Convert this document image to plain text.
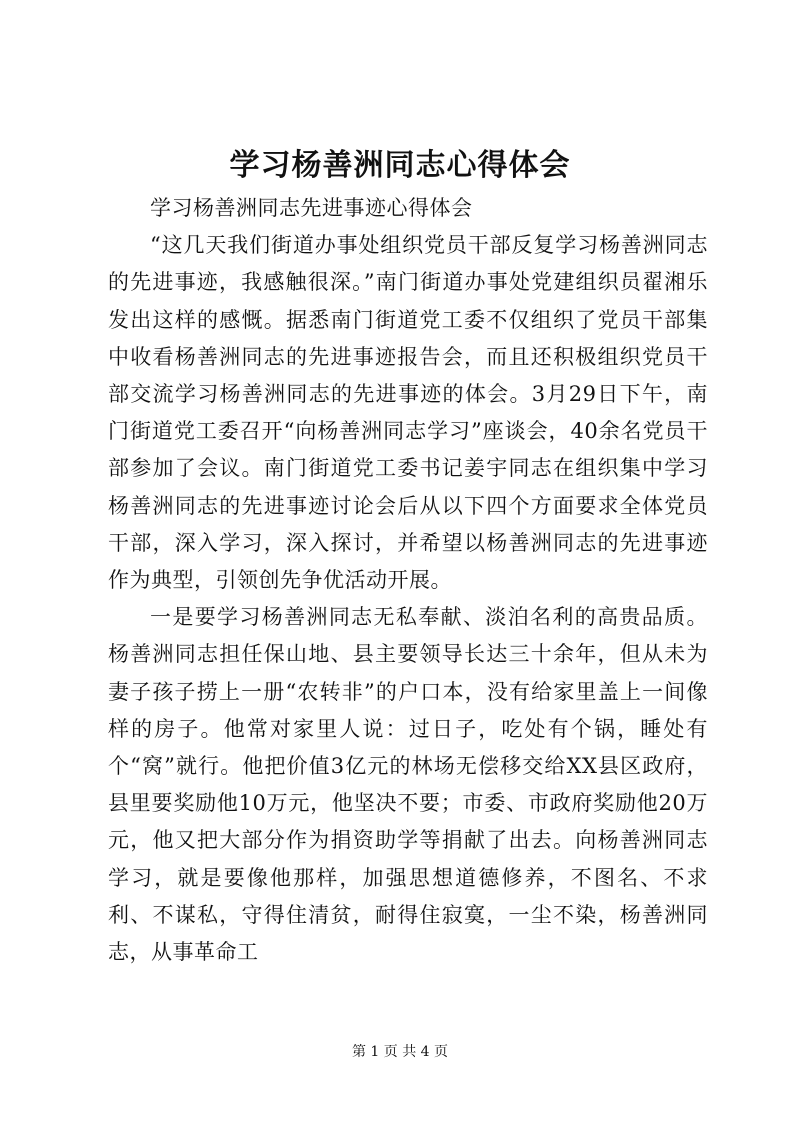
学习杨善洲同志心得体会

学习杨善洲同志先进事迹心得体会

“这几天我们街道办事处组织党员干部反复学习杨善洲同志的先进事迹，我感触很深。”南门街道办事处党建组织员翟湘乐发出这样的感慨。据悉南门街道党工委不仅组织了党员干部集中收看杨善洲同志的先进事迹报告会，而且还积极组织党员干部交流学习杨善洲同志的先进事迹的体会。3月29日下午，南门街道党工委召开“向杨善洲同志学习”座谈会，40余名党员干部参加了会议。南门街道党工委书记姜宇同志在组织集中学习杨善洲同志的先进事迹讨论会后从以下四个方面要求全体党员干部，深入学习，深入探讨，并希望以杨善洲同志的先进事迹作为典型，引领创先争优活动开展。

一是要学习杨善洲同志无私奉献、淡泊名利的高贵品质。杨善洲同志担任保山地、县主要领导长达三十余年，但从未为妻子孩子捞上一册“农转非”的户口本，没有给家里盖上一间像样的房子。他常对家里人说：过日子，吃处有个锅，睡处有个“窝”就行。他把价值3亿元的林场无偿移交给XX县区政府，县里要奖励他10万元，他坚决不要；市委、市政府奖励他20万元，他又把大部分作为捐资助学等捐献了出去。向杨善洲同志学习，就是要像他那样，加强思想道德修养，不图名、不求利、不谋私，守得住清贫，耐得住寂寞，一尘不染，杨善洲同志，从事革命工

第 1 页 共 4 页
